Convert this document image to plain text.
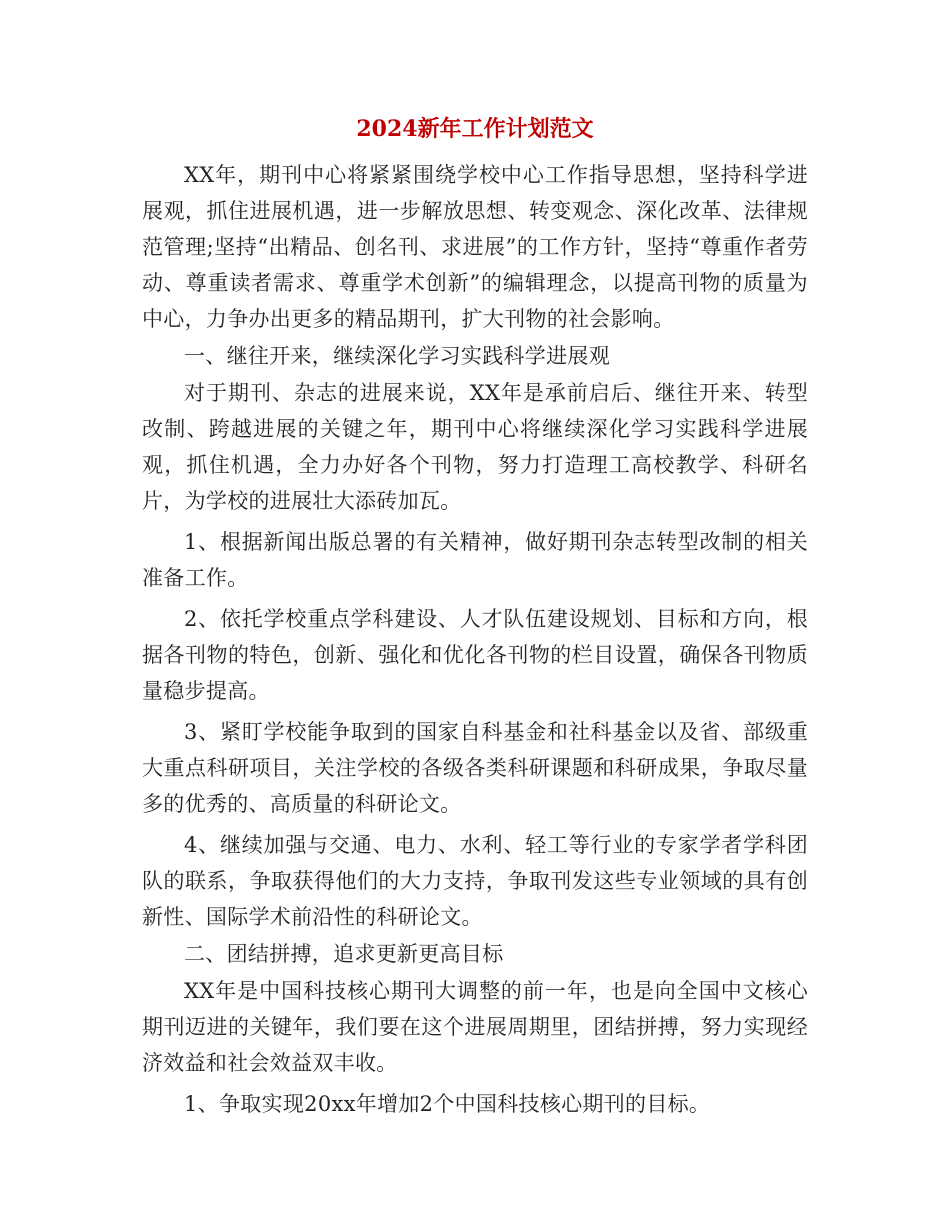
2024新年工作计划范文

XX年，期刊中心将紧紧围绕学校中心工作指导思想，坚持科学进展观，抓住进展机遇，进一步解放思想、转变观念、深化改革、法律规范管理;坚持“出精品、创名刊、求进展”的工作方针，坚持“尊重作者劳动、尊重读者需求、尊重学术创新”的编辑理念，以提高刊物的质量为中心，力争办出更多的精品期刊，扩大刊物的社会影响。

一、继往开来，继续深化学习实践科学进展观

对于期刊、杂志的进展来说，XX年是承前启后、继往开来、转型改制、跨越进展的关键之年，期刊中心将继续深化学习实践科学进展观，抓住机遇，全力办好各个刊物，努力打造理工高校教学、科研名片，为学校的进展壮大添砖加瓦。

1、根据新闻出版总署的有关精神，做好期刊杂志转型改制的相关准备工作。

2、依托学校重点学科建设、人才队伍建设规划、目标和方向，根据各刊物的特色，创新、强化和优化各刊物的栏目设置，确保各刊物质量稳步提高。

3、紧盯学校能争取到的国家自科基金和社科基金以及省、部级重大重点科研项目，关注学校的各级各类科研课题和科研成果，争取尽量多的优秀的、高质量的科研论文。

4、继续加强与交通、电力、水利、轻工等行业的专家学者学科团队的联系，争取获得他们的大力支持，争取刊发这些专业领域的具有创新性、国际学术前沿性的科研论文。

二、团结拼搏，追求更新更高目标

XX年是中国科技核心期刊大调整的前一年，也是向全国中文核心期刊迈进的关键年，我们要在这个进展周期里，团结拼搏，努力实现经济效益和社会效益双丰收。

1、争取实现20xx年增加2个中国科技核心期刊的目标。
